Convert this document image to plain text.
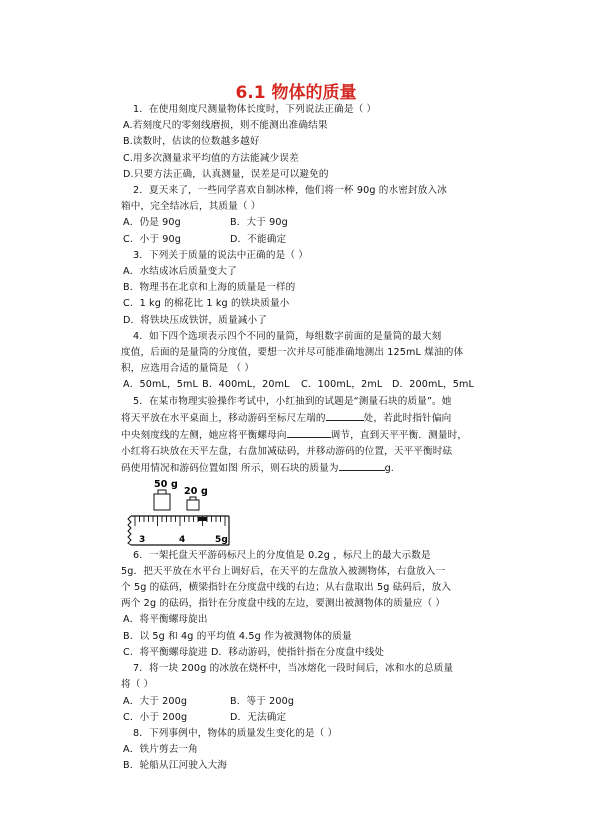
6.1 物体的质量
1．在使用刻度尺测量物体长度时，下列说法正确是（ ）
A.若刻度尺的零刻线磨损，则不能测出准确结果
B.读数时，估读的位数越多越好
C.用多次测量求平均值的方法能减少误差
D.只要方法正确，认真测量，误差是可以避免的
2．夏天来了，一些同学喜欢自制冰棒，他们将一杯 90g 的水密封放入冰
箱中，完全结冰后，其质量（ ）
A．仍是 90g	B．大于 90g
C．小于 90g	D．不能确定
3．下列关于质量的说法中正确的是（ ）
A．水结成冰后质量变大了
B．物理书在北京和上海的质量是一样的
C．1 kg 的棉花比 1 kg 的铁块质量小
D．将铁块压成铁饼，质量减小了
4．如下四个选项表示四个不同的量筒，每组数字前面的是量筒的最大刻
度值，后面的是量筒的分度值，要想一次并尽可能准确地测出 125mL 煤油的体
积，应选用合适的量筒是 （ ）
A．50mL，5mL B．400mL，20mL	C．100mL，2mL	D．200mL，5mL
5．在某市物理实验操作考试中，小红抽到的试题是“测量石块的质量”。她
将天平放在水平桌面上，移动游码至标尺左端的	处，若此时指针偏向
中央刻度线的左侧，她应将平衡螺母向	调节，直到天平平衡．测量时，
小红将石块放在天平左盘，右盘加减砝码，并移动游码的位置，天平平衡时砝
码使用情况和游码位置如图 所示，则石块的质量为	g.
50 g
20 g
3	4	5g
6．一架托盘天平游码标尺上的分度值是 0.2g ，标尺上的最大示数是
5g．把天平放在水平台上调好后，在天平的左盘放入被测物体，右盘放入一
个 5g 的砝码，横梁指针在分度盘中线的右边；从右盘取出 5g 砝码后，放入
两个 2g 的砝码，指针在分度盘中线的左边，要测出被测物体的质量应（ ）
A．将平衡螺母旋出
B．以 5g 和 4g 的平均值 4.5g 作为被测物体的质量
C．将平衡螺母旋进 D．移动游码，使指针指在分度盘中线处
7．将一块 200g 的冰放在烧杯中，当冰熔化一段时间后，冰和水的总质量
将（ ）
A．大于 200g	B．等于 200g
C．小于 200g	D．无法确定
8．下列事例中，物体的质量发生变化的是（ ）
A．铁片剪去一角
B．轮船从江河驶入大海
